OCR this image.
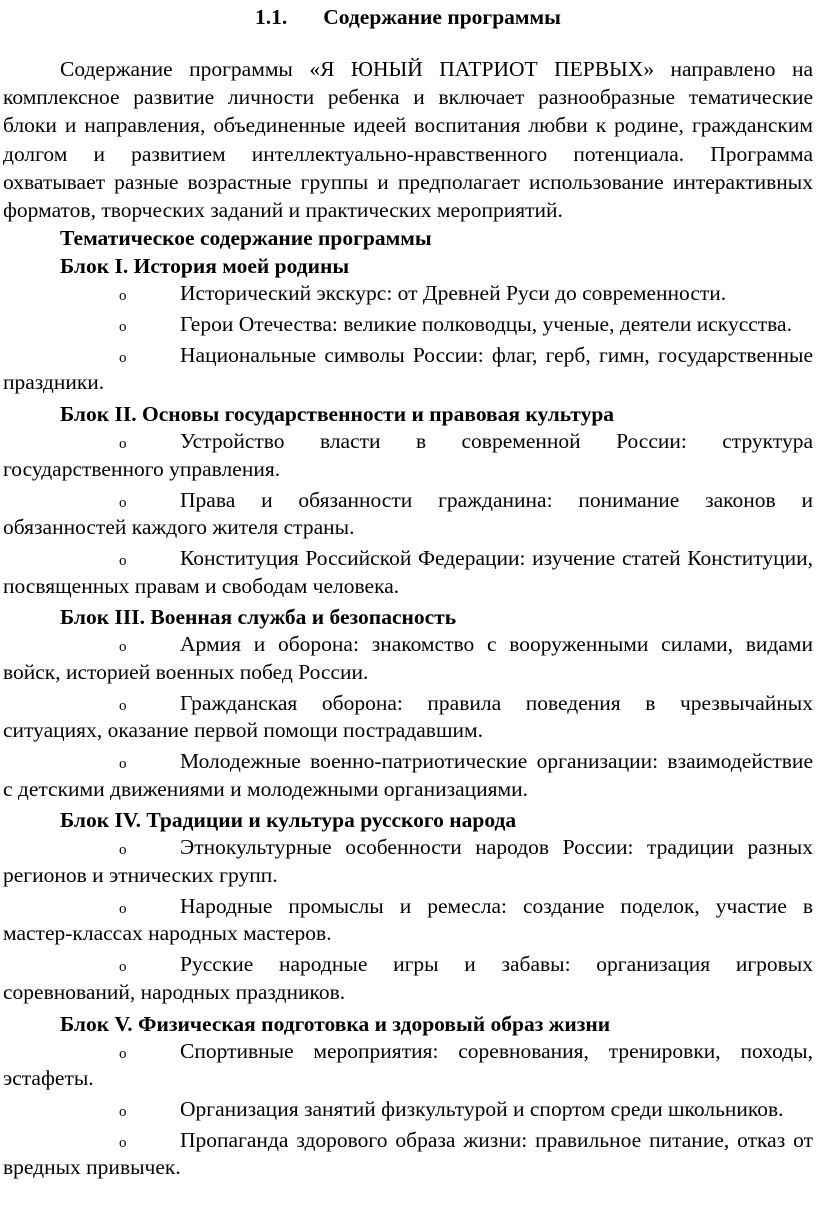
1.1. Содержание программы

Содержание программы «Я ЮНЫЙ ПАТРИОТ ПЕРВЫХ» направлено на комплексное развитие личности ребенка и включает разнообразные тематические блоки и направления, объединенные идеей воспитания любви к родине, гражданским долгом и развитием интеллектуально-нравственного потенциала. Программа охватывает разные возрастные группы и предполагает использование интерактивных форматов, творческих заданий и практических мероприятий.

Тематическое содержание программы
Блок I. История моей родины

o Исторический экскурс: от Древней Руси до современности.

o Герои Отечества: великие полководцы, ученые, деятели искусства.

o Национальные символы России: флаг, герб, гимн, государственные праздники.

Блок II. Основы государственности и правовая культура

o Устройство власти в современной России: структура государственного управления.

o Права и обязанности гражданина: понимание законов и обязанностей каждого жителя страны.

o Конституция Российской Федерации: изучение статей Конституции, посвященных правам и свободам человека.

Блок III. Военная служба и безопасность

o Армия и оборона: знакомство с вооруженными силами, видами войск, историей военных побед России.

o Гражданская оборона: правила поведения в чрезвычайных ситуациях, оказание первой помощи пострадавшим.

o Молодежные военно-патриотические организации: взаимодействие с детскими движениями и молодежными организациями.

Блок IV. Традиции и культура русского народа

o Этнокультурные особенности народов России: традиции разных регионов и этнических групп.

o Народные промыслы и ремесла: создание поделок, участие в мастер-классах народных мастеров.

o Русские народные игры и забавы: организация игровых соревнований, народных праздников.

Блок V. Физическая подготовка и здоровый образ жизни

o Спортивные мероприятия: соревнования, тренировки, походы, эстафеты.

o Организация занятий физкультурой и спортом среди школьников.

o Пропаганда здорового образа жизни: правильное питание, отказ от вредных привычек.
